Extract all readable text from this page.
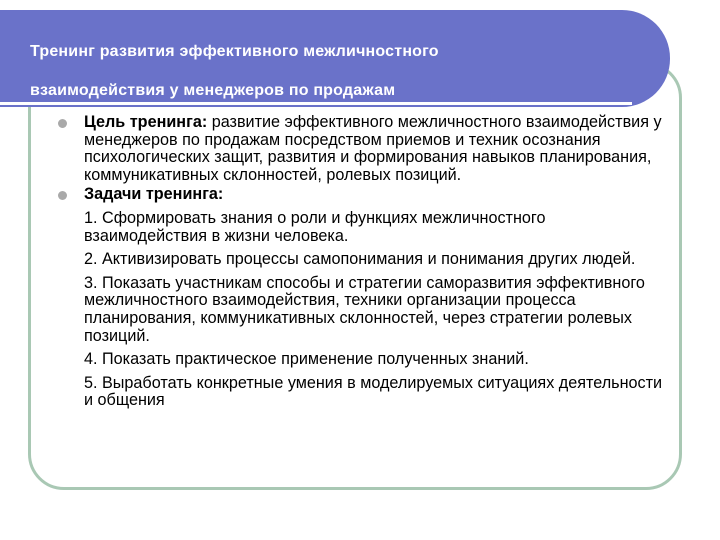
Тренинг развития эффективного межличностного
взаимодействия у менеджеров по продажам
Цель тренинга: развитие эффективного межличностного взаимодействия у менеджеров по продажам посредством приемов и техник осознания психологических защит, развития и формирования навыков планирования, коммуникативных склонностей, ролевых позиций.
Задачи тренинга:
1. Сформировать знания о роли и функциях межличностного взаимодействия в жизни человека.
2. Активизировать процессы самопонимания и понимания других людей.
3. Показать участникам способы и стратегии саморазвития эффективного межличностного взаимодействия, техники организации процесса планирования, коммуникативных склонностей, через стратегии ролевых позиций.
4. Показать практическое применение полученных знаний.
5. Выработать конкретные умения в моделируемых ситуациях деятельности и общения
